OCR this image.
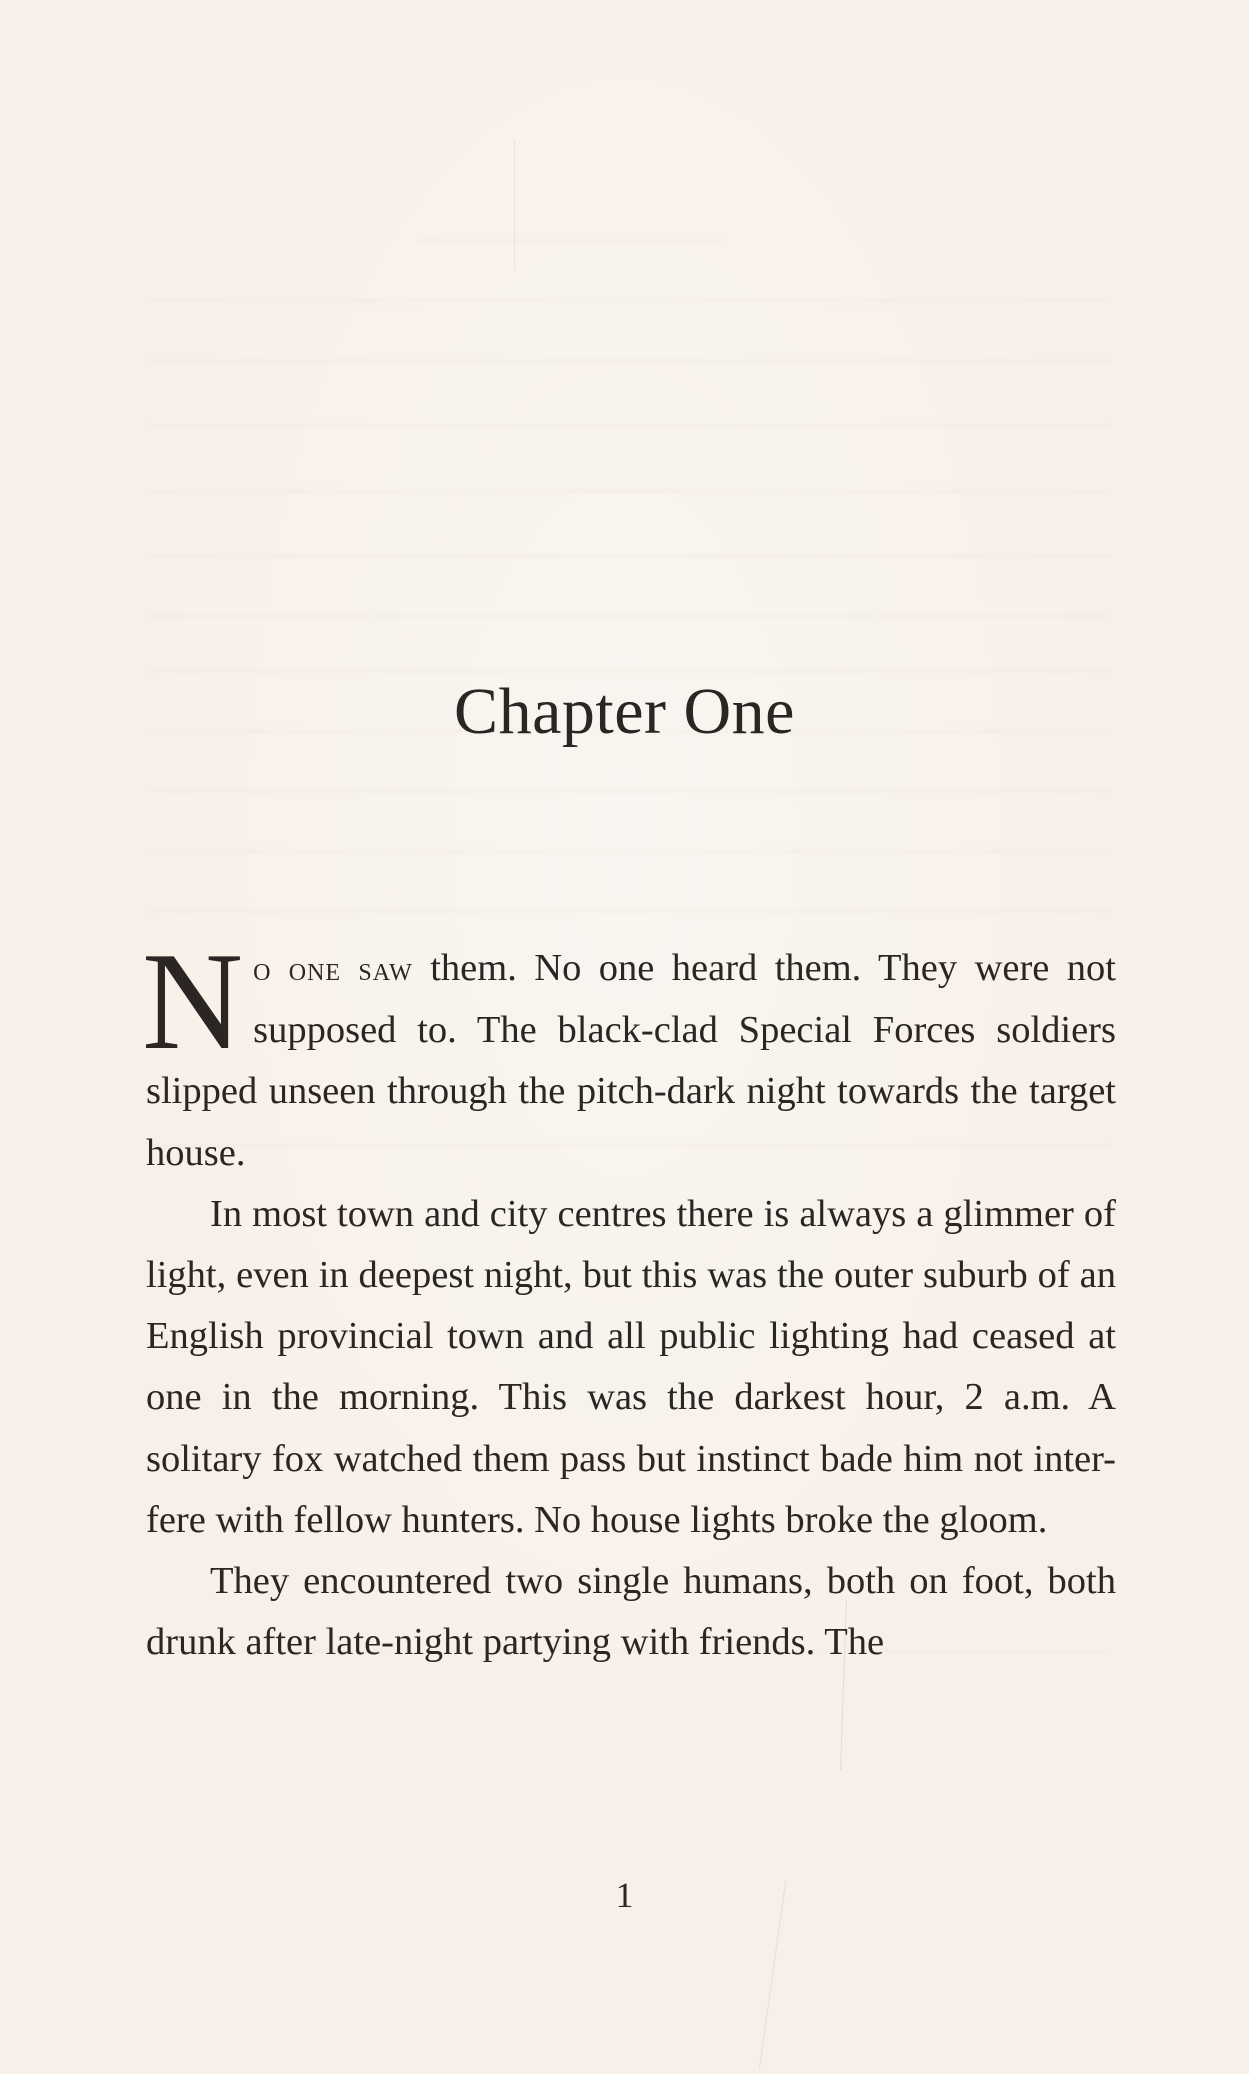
Chapter One

No one saw them. No one heard them. They were not supposed to. The black-clad Special Forces soldiers slipped unseen through the pitch-dark night towards the target house.

In most town and city centres there is always a glimmer of light, even in deepest night, but this was the outer suburb of an English provincial town and all public lighting had ceased at one in the morning. This was the darkest hour, 2 a.m. A solitary fox watched them pass but instinct bade him not inter-fere with fellow hunters. No house lights broke the gloom.

They encountered two single humans, both on foot, both drunk after late-night partying with friends. The

1
